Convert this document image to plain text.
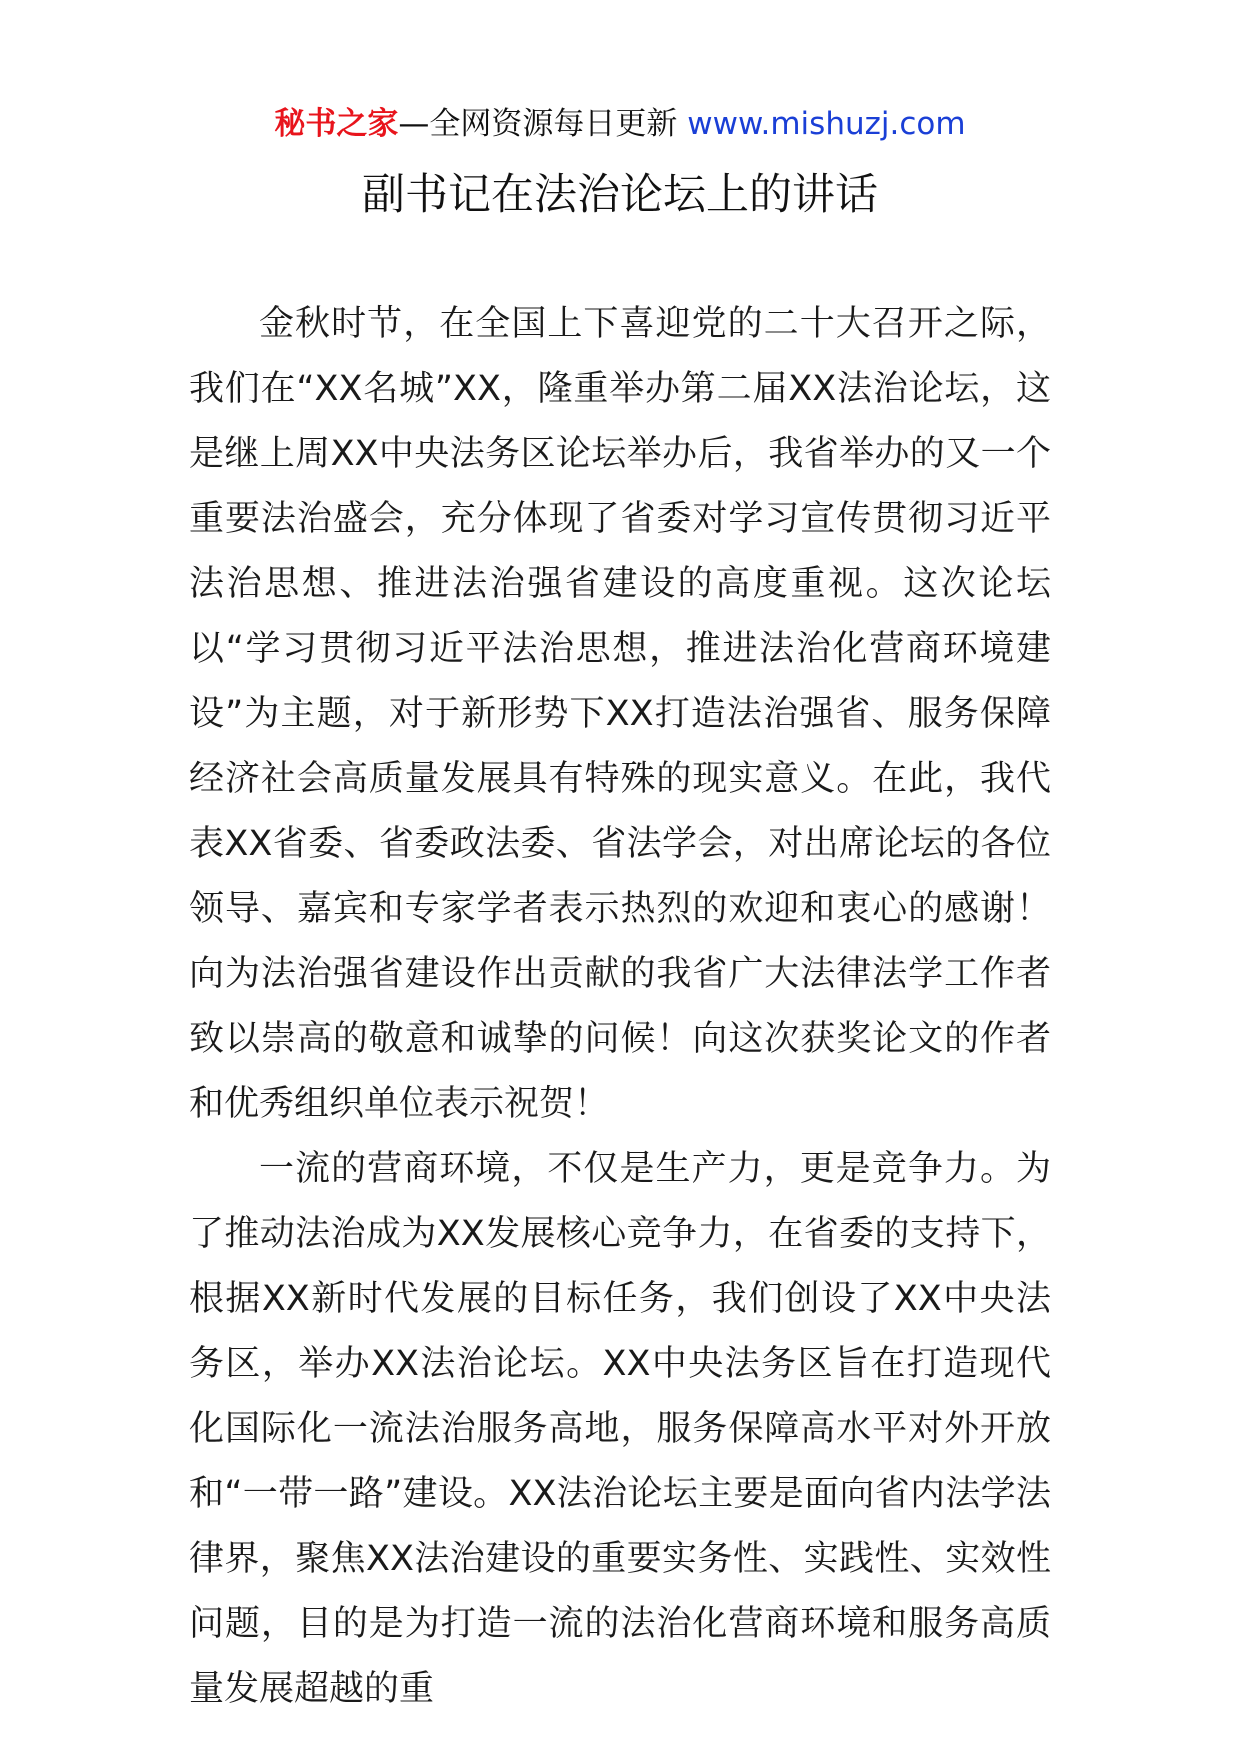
秘书之家—全网资源每日更新 www.mishuzj.com
副书记在法治论坛上的讲话

金秋时节，在全国上下喜迎党的二十大召开之际，我们在“XX名城”XX，隆重举办第二届XX法治论坛，这是继上周XX中央法务区论坛举办后，我省举办的又一个重要法治盛会，充分体现了省委对学习宣传贯彻习近平法治思想、推进法治强省建设的高度重视。这次论坛以“学习贯彻习近平法治思想，推进法治化营商环境建设”为主题，对于新形势下XX打造法治强省、服务保障经济社会高质量发展具有特殊的现实意义。在此，我代表XX省委、省委政法委、省法学会，对出席论坛的各位领导、嘉宾和专家学者表示热烈的欢迎和衷心的感谢！向为法治强省建设作出贡献的我省广大法律法学工作者致以崇高的敬意和诚挚的问候！向这次获奖论文的作者和优秀组织单位表示祝贺！

一流的营商环境，不仅是生产力，更是竞争力。为了推动法治成为XX发展核心竞争力，在省委的支持下，根据XX新时代发展的目标任务，我们创设了XX中央法务区，举办XX法治论坛。XX中央法务区旨在打造现代化国际化一流法治服务高地，服务保障高水平对外开放和“一带一路”建设。XX法治论坛主要是面向省内法学法律界，聚焦XX法治建设的重要实务性、实践性、实效性问题，目的是为打造一流的法治化营商环境和服务高质量发展超越的重
